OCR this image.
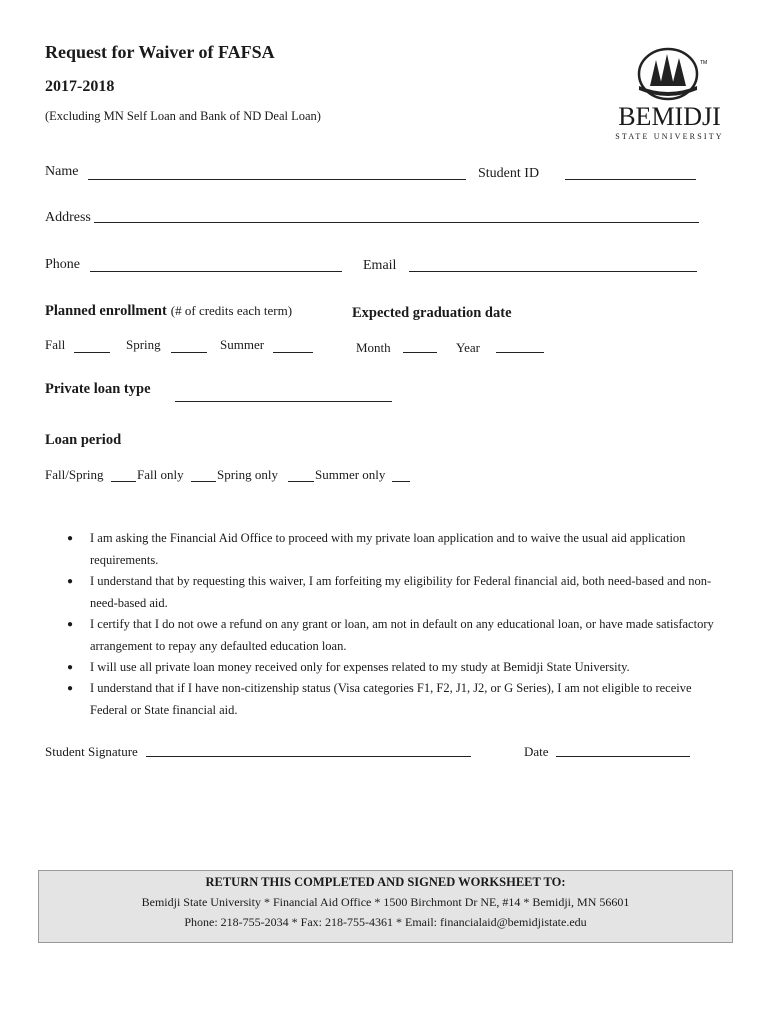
Request for Waiver of FAFSA
2017-2018
(Excluding MN Self Loan and Bank of ND Deal Loan)
TM
BEMIDJI
STATE UNIVERSITY
Name	Student ID
Address
Phone	Email
Planned enrollment (# of credits each term)	Expected graduation date
Fall	Spring	Summer	Month	Year
Private loan type
Loan period
Fall/Spring	Fall only	Spring only	Summer only
● I am asking the Financial Aid Office to proceed with my private loan application and to waive the usual aid application requirements.
● I understand that by requesting this waiver, I am forfeiting my eligibility for Federal financial aid, both need-based and non-need-based aid.
● I certify that I do not owe a refund on any grant or loan, am not in default on any educational loan, or have made satisfactory arrangement to repay any defaulted education loan.
● I will use all private loan money received only for expenses related to my study at Bemidji State University.
● I understand that if I have non-citizenship status (Visa categories F1, F2, J1, J2, or G Series), I am not eligible to receive Federal or State financial aid.
Student Signature	Date
RETURN THIS COMPLETED AND SIGNED WORKSHEET TO:
Bemidji State University * Financial Aid Office * 1500 Birchmont Dr NE, #14 * Bemidji, MN 56601
Phone: 218-755-2034 * Fax: 218-755-4361 * Email: financialaid@bemidjistate.edu
